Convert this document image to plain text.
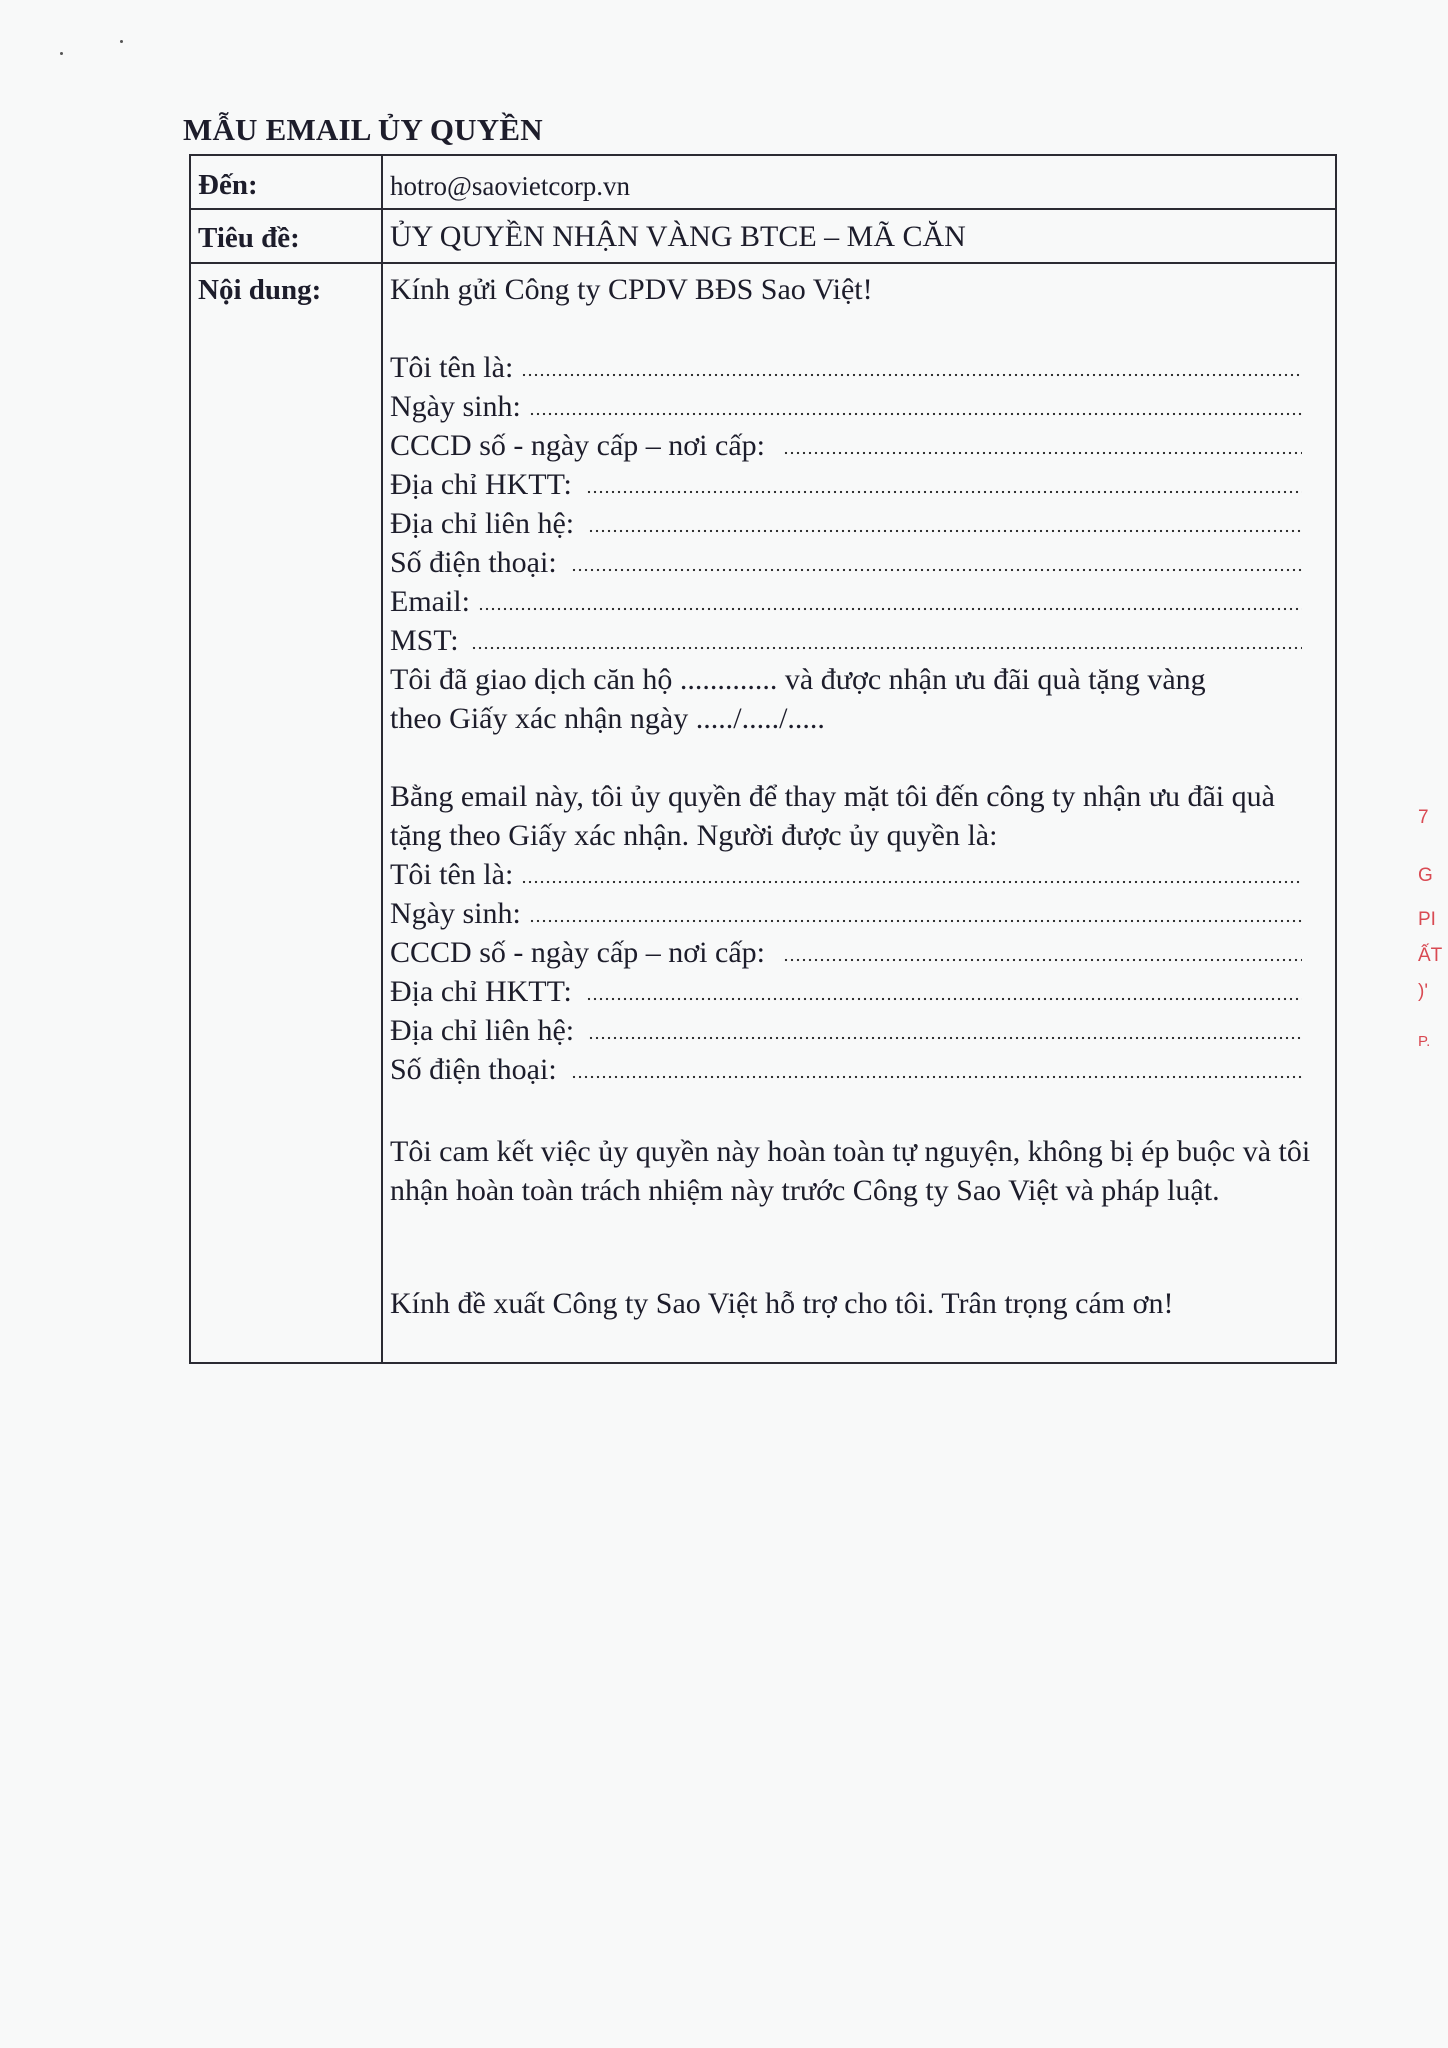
MẪU EMAIL ỦY QUYỀN
Đến:	hotro@saovietcorp.vn
Tiêu đề:	ỦY QUYỀN NHẬN VÀNG BTCE – MÃ CĂN
Nội dung: Kính gửi Công ty CPDV BĐS Sao Việt!
Tôi tên là:
Ngày sinh:
CCCD số - ngày cấp – nơi cấp:
Địa chỉ HKTT:
Địa chỉ liên hệ:
Số điện thoại:
Email:
MST:
Tôi đã giao dịch căn hộ ............. và được nhận ưu đãi quà tặng vàng
theo Giấy xác nhận ngày ...../...../.....
Bằng email này, tôi ủy quyền để thay mặt tôi đến công ty nhận ưu đãi quà tặng theo Giấy xác nhận. Người được ủy quyền là:
Tôi tên là:
Ngày sinh:
CCCD số - ngày cấp – nơi cấp:
Địa chỉ HKTT:
Địa chỉ liên hệ:
Số điện thoại:
Tôi cam kết việc ủy quyền này hoàn toàn tự nguyện, không bị ép buộc và tôi nhận hoàn toàn trách nhiệm này trước Công ty Sao Việt và pháp luật.
Kính đề xuất Công ty Sao Việt hỗ trợ cho tôi. Trân trọng cám ơn!
7
G
PI
ẤT
)'
P.
